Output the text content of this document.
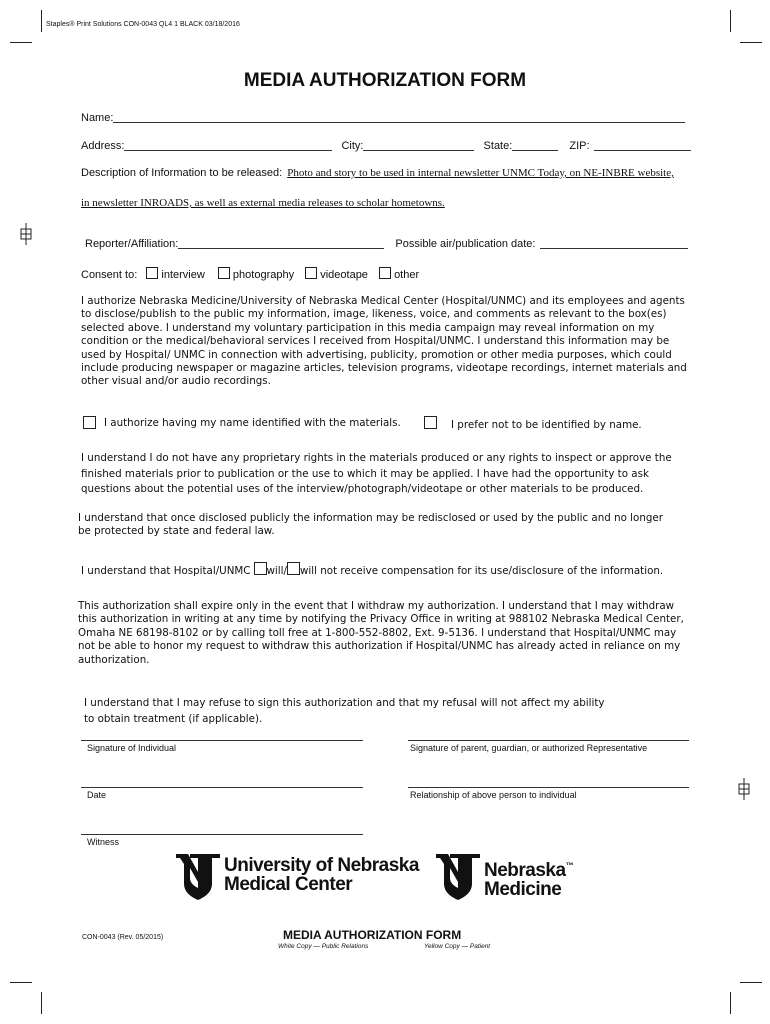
Staples® Print Solutions CON-0043 QL4 1 BLACK 03/18/2016
MEDIA AUTHORIZATION FORM
Name:
Address:	City:	State:	ZIP:
Description of Information to be released: Photo and story to be used in internal newsletter UNMC Today, on NE-INBRE website,
in newsletter INROADS, as well as external media releases to scholar hometowns.
Reporter/Affiliation:	Possible air/publication date:
Consent to: interview	photography videotape other
I authorize Nebraska Medicine/University of Nebraska Medical Center (Hospital/UNMC) and its employees and agents to disclose/publish to the public my information, image, likeness, voice, and comments as relevant to the box(es) selected above. I understand my voluntary participation in this media campaign may reveal information on my condition or the medical/behavioral services I received from Hospital/UNMC. I understand this information may be used by Hospital/ UNMC in connection with advertising, publicity, promotion or other media purposes, which could include producing newspaper or magazine articles, television programs, videotape recordings, internet materials and other visual and/or audio recordings.
I authorize having my name identified with the materials.	I prefer not to be identified by name.
I understand I do not have any proprietary rights in the materials produced or any rights to inspect or approve the finished materials prior to publication or the use to which it may be applied. I have had the opportunity to ask questions about the potential uses of the interview/photograph/videotape or other materials to be produced.
I understand that once disclosed publicly the information may be redisclosed or used by the public and no longer be protected by state and federal law.
I understand that Hospital/UNMC will/ will not receive compensation for its use/disclosure of the information.
This authorization shall expire only in the event that I withdraw my authorization. I understand that I may withdraw this authorization in writing at any time by notifying the Privacy Office in writing at 988102 Nebraska Medical Center, Omaha NE 68198-8102 or by calling toll free at 1-800-552-8802, Ext. 9-5136. I understand that Hospital/UNMC may not be able to honor my request to withdraw this authorization if Hospital/UNMC has already acted in reliance on my authorization.
I understand that I may refuse to sign this authorization and that my refusal will not affect my ability to obtain treatment (if applicable).
Signature of Individual	Signature of parent, guardian, or authorized Representative
Date	Relationship of above person to individual
Witness
University of Nebraska
Medical Center
Nebraska™
Medicine
CON-0043 (Rev. 05/2015)	MEDIA AUTHORIZATION FORM
White Copy — Public Relations	Yellow Copy — Patient
